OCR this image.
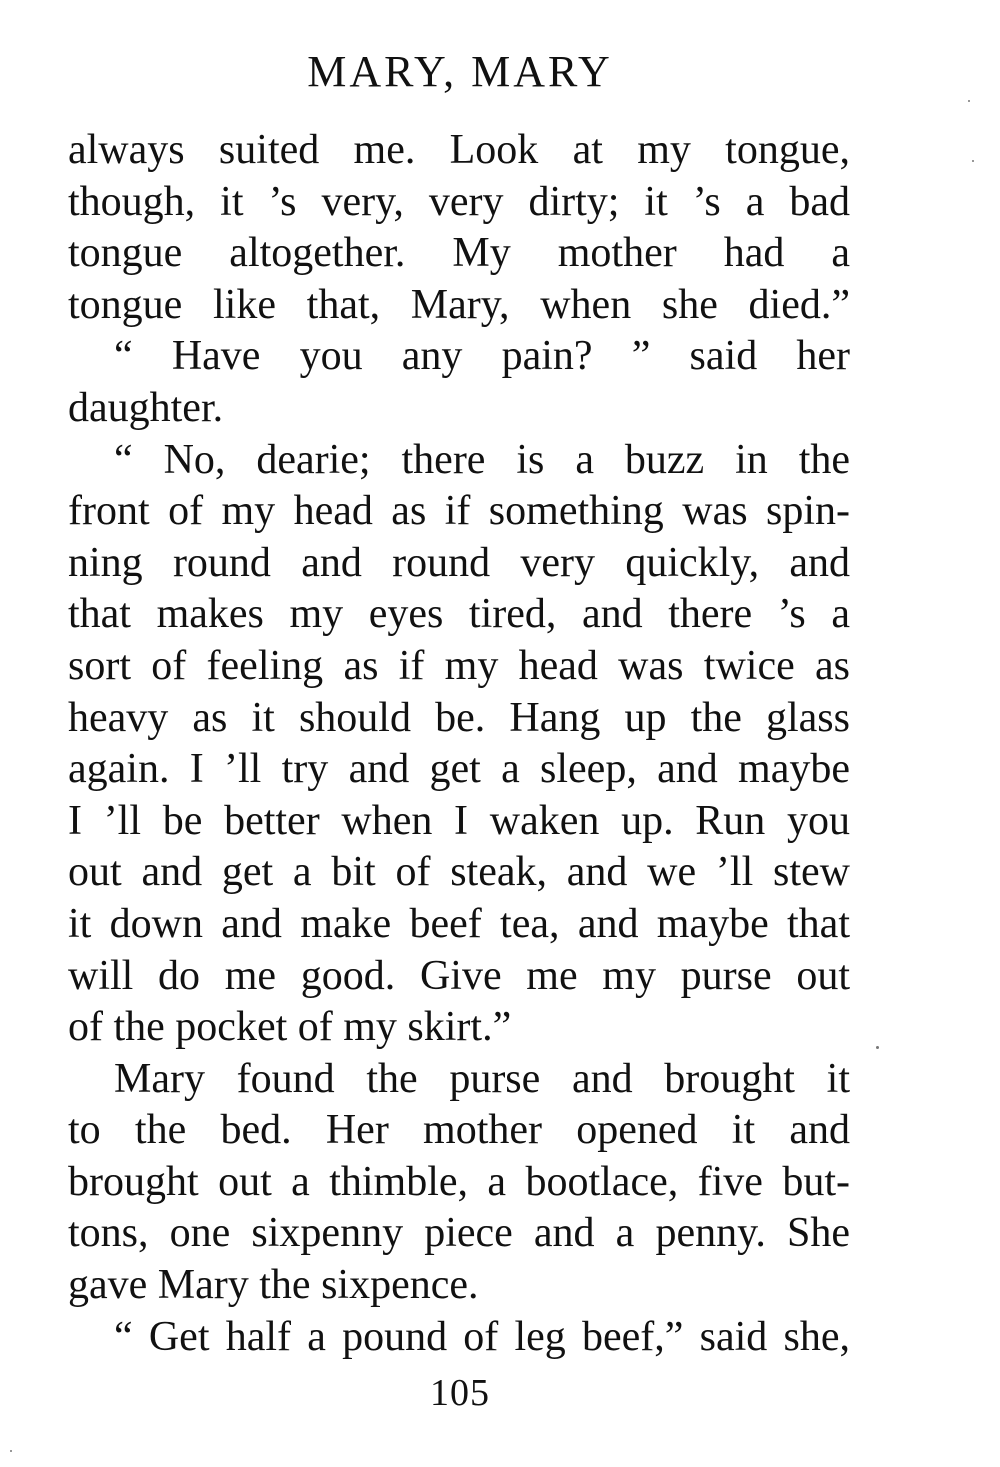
MARY, MARY
always suited me. Look at my tongue,
though, it ’s very, very dirty; it ’s a bad
tongue altogether. My mother had a
tongue like that, Mary, when she died.”
“ Have you any pain? ” said her
daughter.
“ No, dearie; there is a buzz in the
front of my head as if something was spin-
ning round and round very quickly, and
that makes my eyes tired, and there ’s a
sort of feeling as if my head was twice as
heavy as it should be. Hang up the glass
again. I ’ll try and get a sleep, and maybe
I ’ll be better when I waken up. Run you
out and get a bit of steak, and we ’ll stew
it down and make beef tea, and maybe that
will do me good. Give me my purse out
of the pocket of my skirt.”
Mary found the purse and brought it
to the bed. Her mother opened it and
brought out a thimble, a bootlace, five but-
tons, one sixpenny piece and a penny. She
gave Mary the sixpence.
“ Get half a pound of leg beef,” said she,
105
